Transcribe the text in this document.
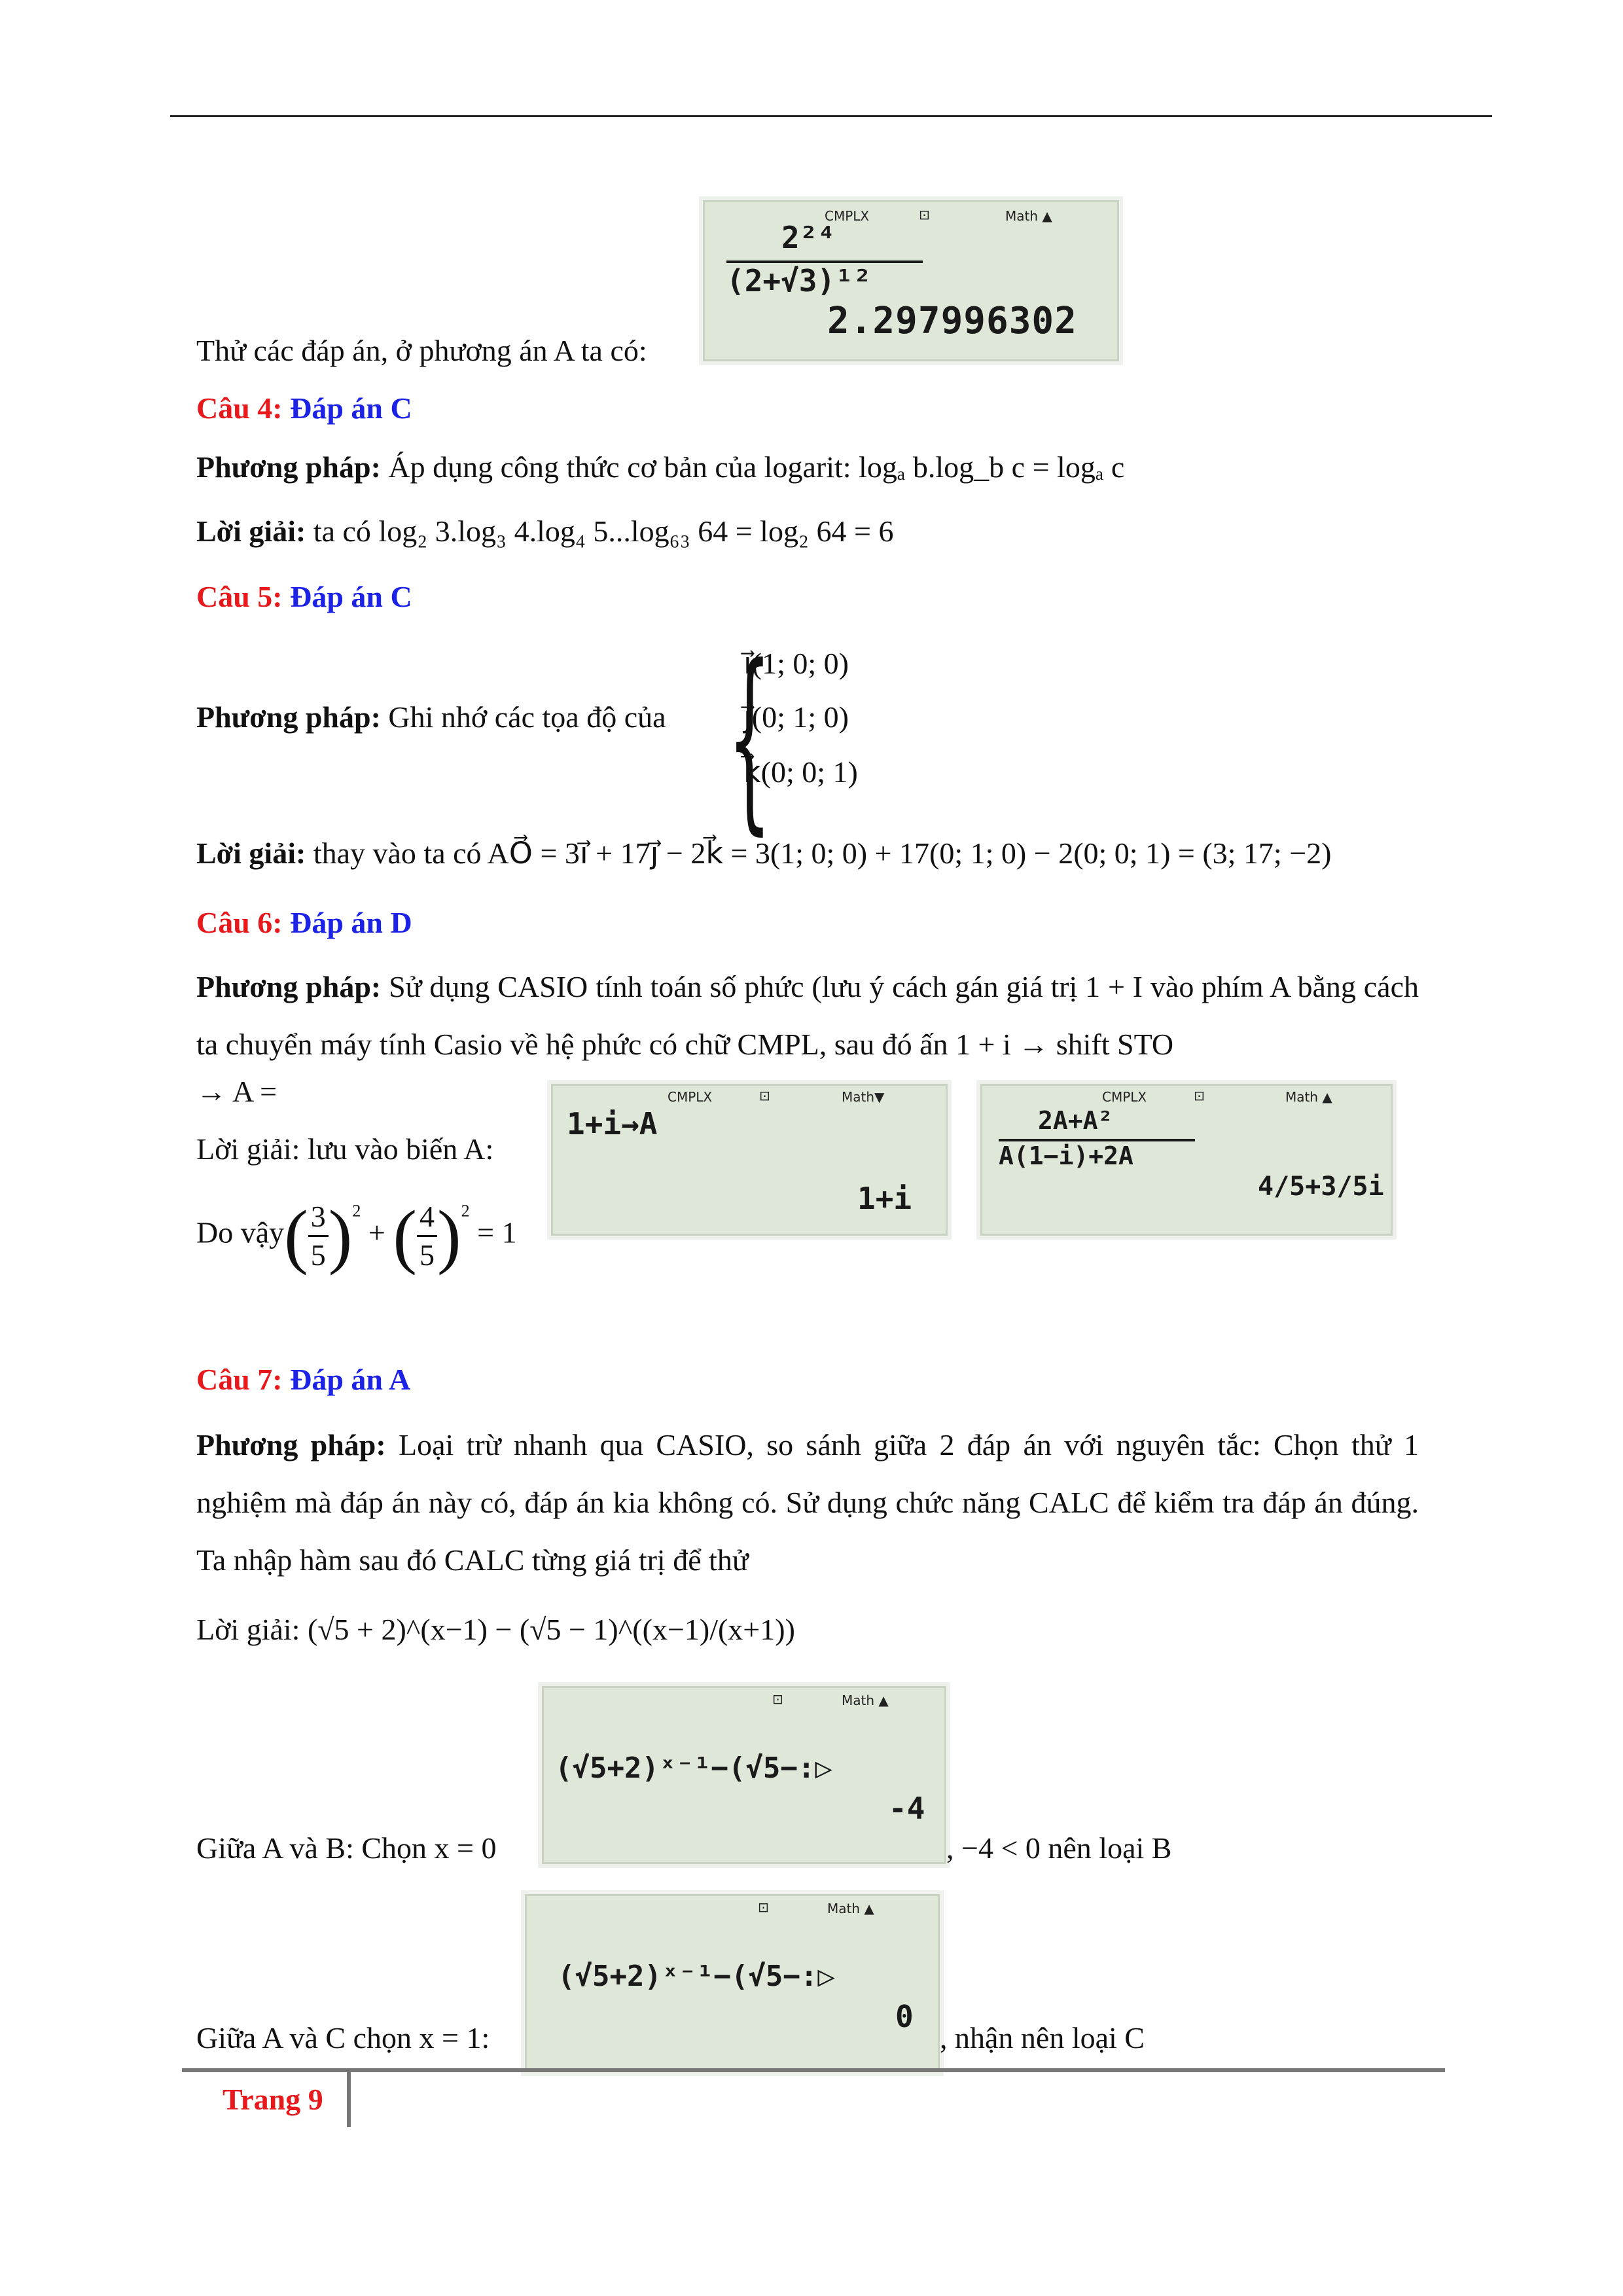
CMPLX	⊡	Math ▲
2²⁴
(2+√3)¹²
2.297996302
Thử các đáp án, ở phương án A ta có:
Câu 4: Đáp án C
Phương pháp: Áp dụng công thức cơ bản của logarit: logₐ b.log_b c = logₐ c
Lời giải: ta có log₂ 3.log₃ 4.log₄ 5...log₆₃ 64 = log₂ 64 = 6
Câu 5: Đáp án C
Phương pháp: Ghi nhớ các tọa độ của {
i⃗(1; 0; 0)
j⃗(0; 1; 0)
k⃗(0; 0; 1)
Lời giải: thay vào ta có AO⃗ = 3i⃗ + 17j⃗ − 2k⃗ = 3(1; 0; 0) + 17(0; 1; 0) − 2(0; 0; 1) = (3; 17; −2)
Câu 6: Đáp án D
Phương pháp: Sử dụng CASIO tính toán số phức (lưu ý cách gán giá trị 1 + I vào phím A bằng cách ta chuyển máy tính Casio về hệ phức có chữ CMPL, sau đó ấn 1 + i → shift STO
→ A =
Lời giải: lưu vào biến A:
Do vậy( $\frac{3}{5} )^2$ + ( $\frac{4}{5} )^2 = 1$
CMPLX	⊡	Math▼
1+i→A
1+i
CMPLX	⊡	Math ▲
2A+A²
A(1−i)+2A
4/5+3/5i
Câu 7: Đáp án A
Phương pháp: Loại trừ nhanh qua CASIO, so sánh giữa 2 đáp án với nguyên tắc: Chọn thử 1 nghiệm mà đáp án này có, đáp án kia không có. Sử dụng chức năng CALC để kiểm tra đáp án đúng. Ta nhập hàm sau đó CALC từng giá trị để thử
Lời giải: (√5 + 2)^(x−1) − (√5 − 1)^((x−1)/(x+1))
⊡	Math ▲
(√5+2)ˣ⁻¹−(√5−:▷
-4
Giữa A và B: Chọn x = 0	, −4 < 0 nên loại B
⊡	Math ▲
(√5+2)ˣ⁻¹−(√5−:▷
0
Giữa A và C chọn x = 1:	, nhận nên loại C
Trang 9
